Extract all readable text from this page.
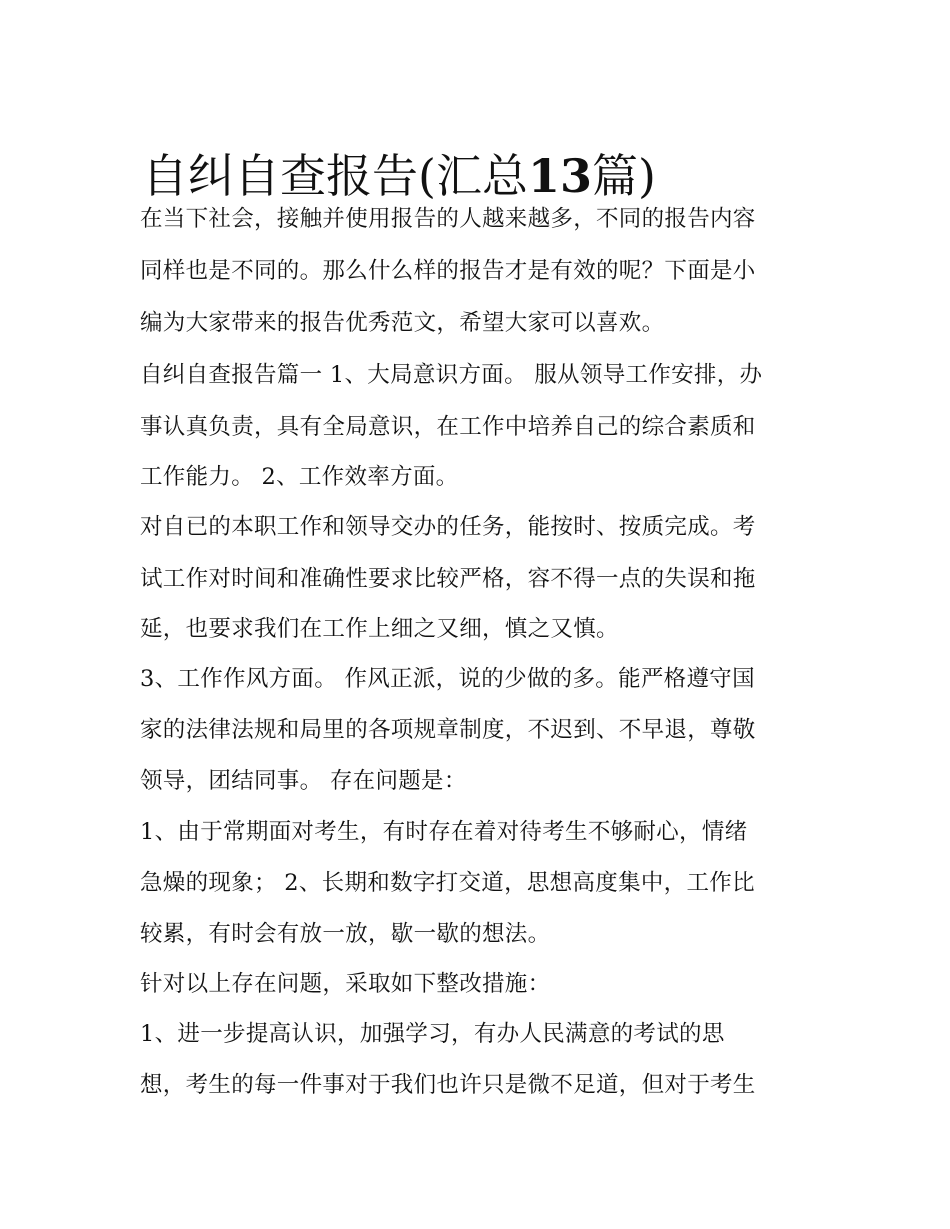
自纠自查报告(汇总13篇)
在当下社会，接触并使用报告的人越来越多，不同的报告内容
同样也是不同的。那么什么样的报告才是有效的呢？下面是小
编为大家带来的报告优秀范文，希望大家可以喜欢。
自纠自查报告篇一 1、大局意识方面。 服从领导工作安排，办
事认真负责，具有全局意识，在工作中培养自己的综合素质和
工作能力。 2、工作效率方面。
对自已的本职工作和领导交办的任务，能按时、按质完成。考
试工作对时间和准确性要求比较严格，容不得一点的失误和拖
延，也要求我们在工作上细之又细，慎之又慎。
3、工作作风方面。 作风正派，说的少做的多。能严格遵守国
家的法律法规和局里的各项规章制度，不迟到、不早退，尊敬
领导，团结同事。 存在问题是：
1、由于常期面对考生，有时存在着对待考生不够耐心，情绪
急燥的现象； 2、长期和数字打交道，思想高度集中，工作比
较累，有时会有放一放，歇一歇的想法。
针对以上存在问题，采取如下整改措施：
1、进一步提高认识，加强学习，有办人民满意的考试的思
想，考生的每一件事对于我们也许只是微不足道，但对于考生
